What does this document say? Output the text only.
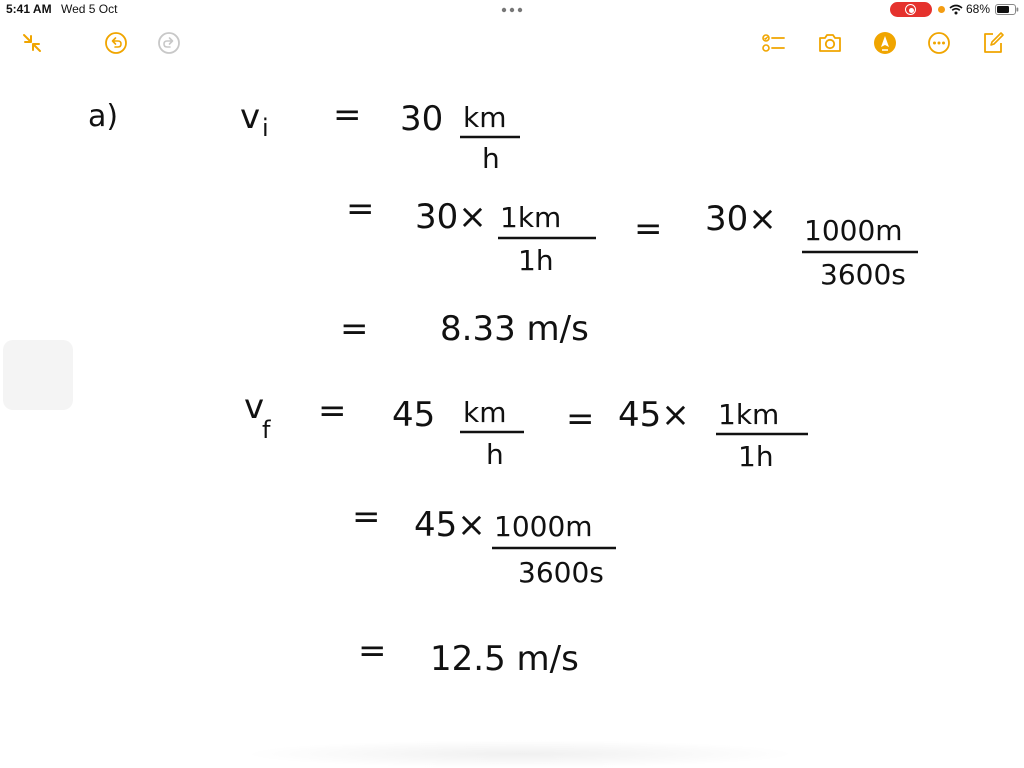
5:41 AM Wed 5 Oct	68%
a)	v i = 30 km
h
= 30× 1km
1h
= 30× 1000m
3600s
= 8.33 m/s
v
f = 45 km
h
= 45× 1km
1h
= 45× 1000m
3600s
= 12.5 m/s
